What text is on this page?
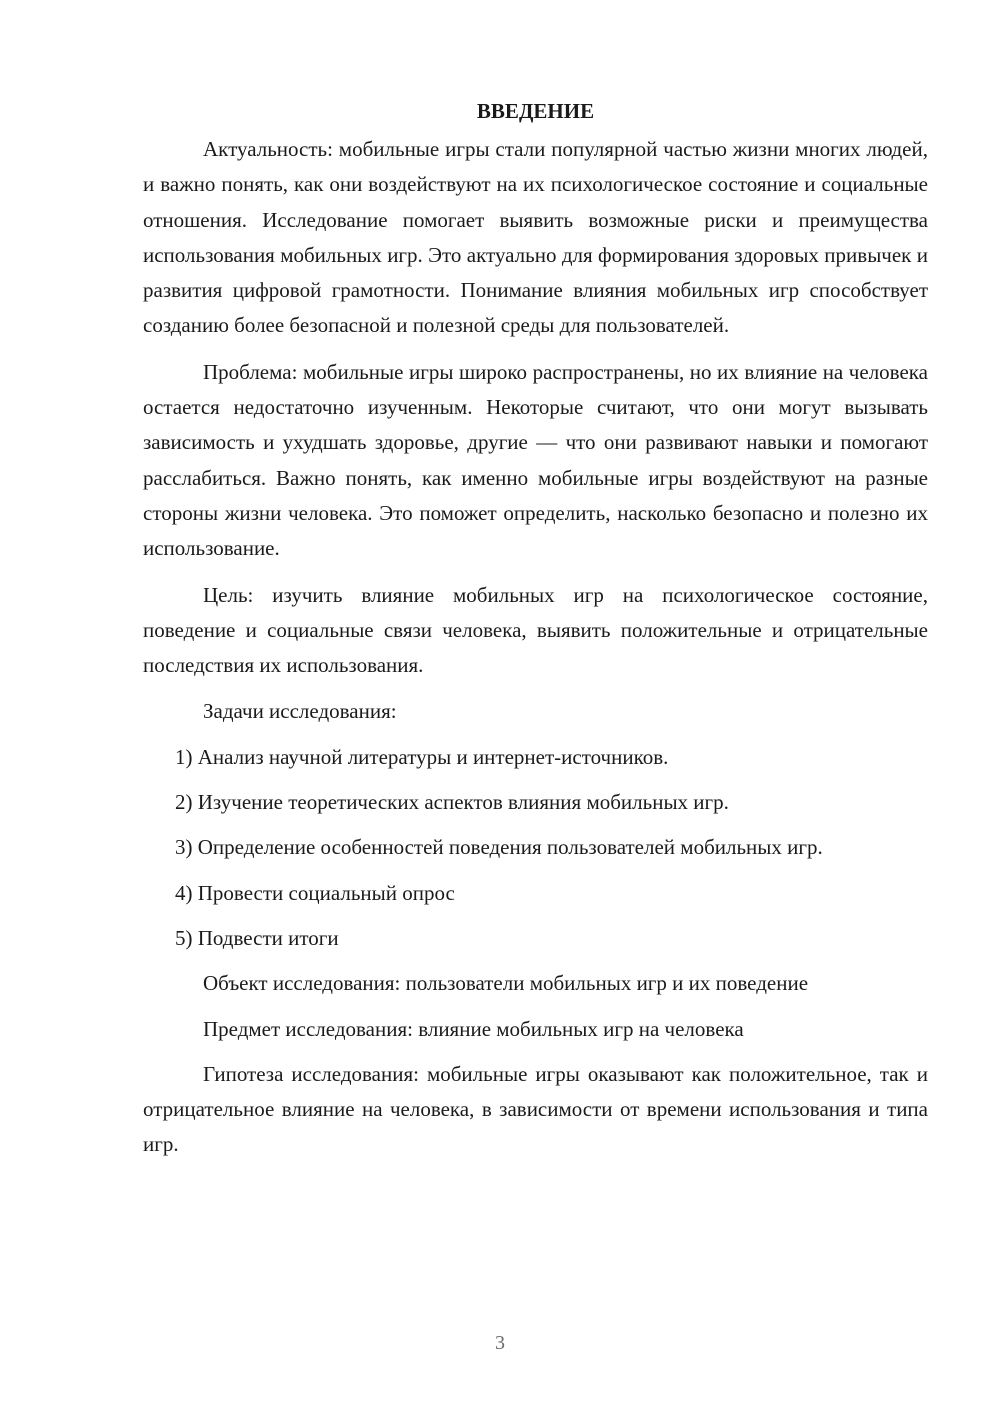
ВВЕДЕНИЕ

Актуальность: мобильные игры стали популярной частью жизни многих людей, и важно понять, как они воздействуют на их психологическое состояние и социальные отношения. Исследование помогает выявить возможные риски и преимущества использования мобильных игр. Это актуально для формирования здоровых привычек и развития цифровой грамотности. Понимание влияния мобильных игр способствует созданию более безопасной и полезной среды для пользователей.

Проблема: мобильные игры широко распространены, но их влияние на человека остается недостаточно изученным. Некоторые считают, что они могут вызывать зависимость и ухудшать здоровье, другие — что они развивают навыки и помогают расслабиться. Важно понять, как именно мобильные игры воздействуют на разные стороны жизни человека. Это поможет определить, насколько безопасно и полезно их использование.

Цель: изучить влияние мобильных игр на психологическое состояние, поведение и социальные связи человека, выявить положительные и отрицательные последствия их использования.

Задачи исследования:
1) Анализ научной литературы и интернет-источников.
2) Изучение теоретических аспектов влияния мобильных игр.
3) Определение особенностей поведения пользователей мобильных игр.
4) Провести социальный опрос
5) Подвести итоги
Объект исследования: пользователи мобильных игр и их поведение
Предмет исследования: влияние мобильных игр на человека

Гипотеза исследования: мобильные игры оказывают как положительное, так и отрицательное влияние на человека, в зависимости от времени использования и типа игр.

3
